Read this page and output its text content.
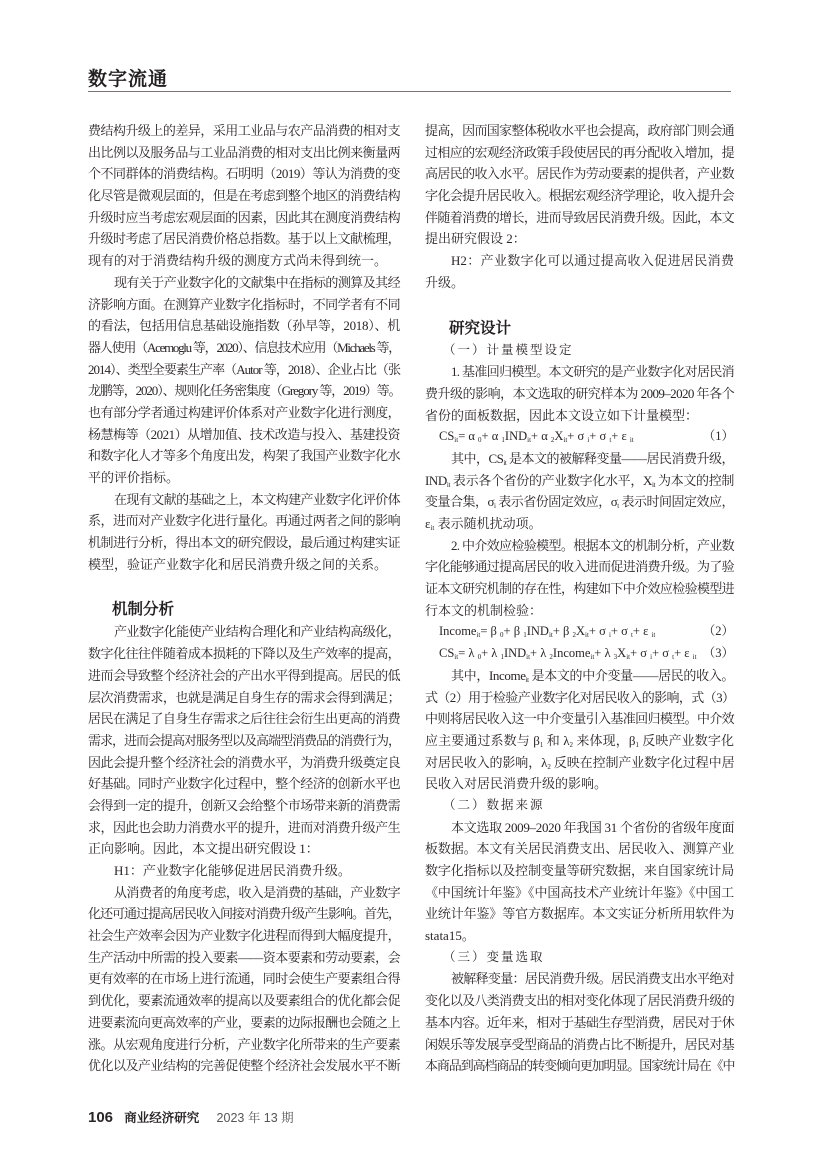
数字流通
费结构升级上的差异，采用工业品与农产品消费的相对支
出比例以及服务品与工业品消费的相对支出比例来衡量两
个不同群体的消费结构。石明明（2019）等认为消费的变
化尽管是微观层面的，但是在考虑到整个地区的消费结构
升级时应当考虑宏观层面的因素，因此其在测度消费结构
升级时考虑了居民消费价格总指数。基于以上文献梳理，
现有的对于消费结构升级的测度方式尚未得到统一。
现有关于产业数字化的文献集中在指标的测算及其经
济影响方面。在测算产业数字化指标时，不同学者有不同
的看法，包括用信息基础设施指数（孙早等，2018）、机
器人使用（Acemoglu 等，2020）、信息技术应用（Michaels 等，
2014）、类型全要素生产率（Autor 等，2018）、企业占比（张
龙鹏等，2020）、规则化任务密集度（Gregory 等，2019）等。
也有部分学者通过构建评价体系对产业数字化进行测度，
杨慧梅等（2021）从增加值、技术改造与投入、基建投资
和数字化人才等多个角度出发，构架了我国产业数字化水
平的评价指标。
在现有文献的基础之上，本文构建产业数字化评价体
系，进而对产业数字化进行量化。再通过两者之间的影响
机制进行分析，得出本文的研究假设，最后通过构建实证
模型，验证产业数字化和居民消费升级之间的关系。
机制分析
产业数字化能使产业结构合理化和产业结构高级化，
数字化往往伴随着成本损耗的下降以及生产效率的提高，
进而会导致整个经济社会的产出水平得到提高。居民的低
层次消费需求，也就是满足自身生存的需求会得到满足；
居民在满足了自身生存需求之后往往会衍生出更高的消费
需求，进而会提高对服务型以及高端型消费品的消费行为，
因此会提升整个经济社会的消费水平，为消费升级奠定良
好基础。同时产业数字化过程中，整个经济的创新水平也
会得到一定的提升，创新又会给整个市场带来新的消费需
求，因此也会助力消费水平的提升，进而对消费升级产生
正向影响。因此，本文提出研究假设 1：
H1：产业数字化能够促进居民消费升级。
从消费者的角度考虑，收入是消费的基础，产业数字
化还可通过提高居民收入间接对消费升级产生影响。首先，
社会生产效率会因为产业数字化进程而得到大幅度提升，
生产活动中所需的投入要素——资本要素和劳动要素，会
更有效率的在市场上进行流通，同时会使生产要素组合得
到优化，要素流通效率的提高以及要素组合的优化都会促
进要素流向更高效率的产业，要素的边际报酬也会随之上
涨。从宏观角度进行分析，产业数字化所带来的生产要素
优化以及产业结构的完善促使整个经济社会发展水平不断
提高，因而国家整体税收水平也会提高，政府部门则会通
过相应的宏观经济政策手段使居民的再分配收入增加，提
高居民的收入水平。居民作为劳动要素的提供者，产业数
字化会提升居民收入。根据宏观经济学理论，收入提升会
伴随着消费的增长，进而导致居民消费升级。因此，本文
提出研究假设 2：
H2：产业数字化可以通过提高收入促进居民消费
升级。
研究设计
（一）计量模型设定
1. 基准回归模型。本文研究的是产业数字化对居民消
费升级的影响，本文选取的研究样本为 2009–2020 年各个
省份的面板数据，因此本文设立如下计量模型：
$CS_{it}= \alpha$ $_0$+ α $_1IND_{it}+ \alpha$ $_2X_{it}+ \sigma$ $_i$+ σ $_t$+ ε $_{it}$	（1）
其中，$CS_{it}$ 是本文的被解释变量——居民消费升级，
$IND_{it}$ 表示各个省份的产业数字化水平，$X_{it}$ 为本文的控制
变量合集，$\sigma_i$ 表示省份固定效应，$\sigma_t$ 表示时间固定效应，
$\varepsilon_{it}$ 表示随机扰动项。
2. 中介效应检验模型。根据本文的机制分析，产业数
字化能够通过提高居民的收入进而促进消费升级。为了验
证本文研究机制的存在性，构建如下中介效应检验模型进
行本文的机制检验：
Income$_{it}$= β $_0$+ β $_1IND_{it}+ \beta$ $_2X_{it}+ \sigma$ $_i$+ σ $_t$+ ε $_{it}$	（2）
$CS_{it}= \lambda$ $_0$+ λ $_1IND_{it}+ \lambda$ $_2$Income$_{it}$+ λ $_3X_{it}+ \sigma$ $_i$+ σ $_t$+ ε $_{it}$ （3）
其中，Income$_{it}$ 是本文的中介变量——居民的收入。
式（2）用于检验产业数字化对居民收入的影响，式（3）
中则将居民收入这一中介变量引入基准回归模型。中介效
应主要通过系数与 $\beta_1$ 和 $\lambda_2$ 来体现，$\beta_1$ 反映产业数字化
对居民收入的影响，$\lambda_2$ 反映在控制产业数字化过程中居
民收入对居民消费升级的影响。
（二）数据来源
本文选取 2009–2020 年我国 31 个省份的省级年度面
板数据。本文有关居民消费支出、居民收入、测算产业
数字化指标以及控制变量等研究数据，来自国家统计局
《中国统计年鉴》《中国高技术产业统计年鉴》《中国工
业统计年鉴》等官方数据库。本文实证分析所用软件为
stata15。
（三）变量选取
被解释变量：居民消费升级。居民消费支出水平绝对
变化以及八类消费支出的相对变化体现了居民消费升级的
基本内容。近年来，相对于基础生存型消费，居民对于休
闲娱乐等发展享受型商品的消费占比不断提升，居民对基
本商品到高档商品的转变倾向更加明显。国家统计局在《中
106 商业经济研究 2023 年 13 期
